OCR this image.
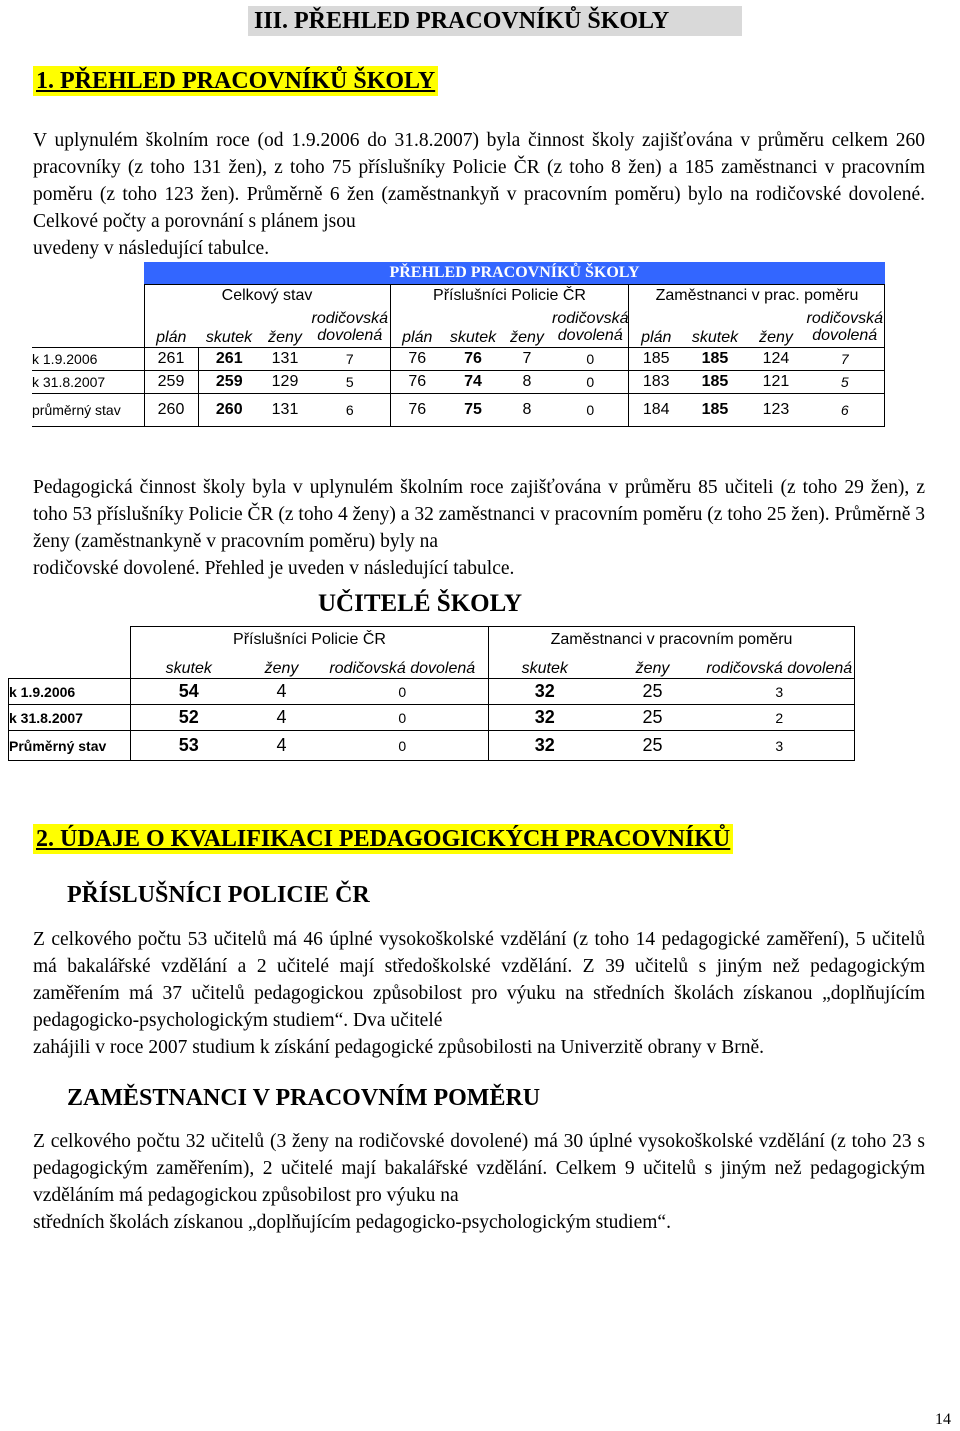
III. PŘEHLED PRACOVNÍKŮ ŠKOLY
1. PŘEHLED PRACOVNÍKŮ ŠKOLY
V uplynulém školním roce (od 1.9.2006 do 31.8.2007) byla činnost školy zajišťována v průměru celkem 260 pracovníky (z toho 131 žen), z toho 75 příslušníky Policie ČR (z toho 8 žen) a 185 zaměstnanci v pracovním poměru (z toho 123 žen). Průměrně 6 žen (zaměstnankyň v pracovním poměru) bylo na rodičovské dovolené. Celkové počty a porovnání s plánem jsou
uvedeny v následující tabulce.
	PŘEHLED PRACOVNÍKŮ ŠKOLY											
	Celkový stav				Příslušníci Policie ČR				Zaměstnanci v prac. poměru			
	plán	skutek	ženy	rodičovská dovolená	plán	skutek	ženy	rodičovská dovolená	plán	skutek	ženy	rodičovská dovolená
k 1.9.2006	261	261	131	7	76	76	7	0	185	185	124	7
k 31.8.2007	259	259	129	5	76	74	8	0	183	185	121	5
průměrný stav	260	260	131	6	76	75	8	0	184	185	123	6
Pedagogická činnost školy byla v uplynulém školním roce zajišťována v průměru 85 učiteli (z toho 29 žen), z toho 53 příslušníky Policie ČR (z toho 4 ženy) a 32 zaměstnanci v pracovním poměru (z toho 25 žen). Průměrně 3 ženy (zaměstnankyně v pracovním poměru) byly na
rodičovské dovolené. Přehled je uveden v následující tabulce.
UČITELÉ ŠKOLY
	Příslušníci Policie ČR			Zaměstnanci v pracovním poměru		
	skutek	ženy	rodičovská dovolená	skutek	ženy	rodičovská dovolená
k 1.9.2006	54	4	0	32	25	3
k 31.8.2007	52	4	0	32	25	2
Průměrný stav	53	4	0	32	25	3
2. ÚDAJE O KVALIFIKACI PEDAGOGICKÝCH PRACOVNÍKŮ
PŘÍSLUŠNÍCI POLICIE ČR
Z celkového počtu 53 učitelů má 46 úplné vysokoškolské vzdělání (z toho 14 pedagogické zaměření), 5 učitelů má bakalářské vzdělání a 2 učitelé mají středoškolské vzdělání. Z 39 učitelů s jiným než pedagogickým zaměřením má 37 učitelů pedagogickou způsobilost pro výuku na středních školách získanou „doplňujícím pedagogicko-psychologickým studiem“. Dva učitelé
zahájili v roce 2007 studium k získání pedagogické způsobilosti na Univerzitě obrany v Brně.
ZAMĚSTNANCI V PRACOVNÍM POMĚRU
Z celkového počtu 32 učitelů (3 ženy na rodičovské dovolené) má 30 úplné vysokoškolské vzdělání (z toho 23 s pedagogickým zaměřením), 2 učitelé mají bakalářské vzdělání. Celkem 9 učitelů s jiným než pedagogickým vzděláním má pedagogickou způsobilost pro výuku na
středních školách získanou „doplňujícím pedagogicko-psychologickým studiem“.
14
